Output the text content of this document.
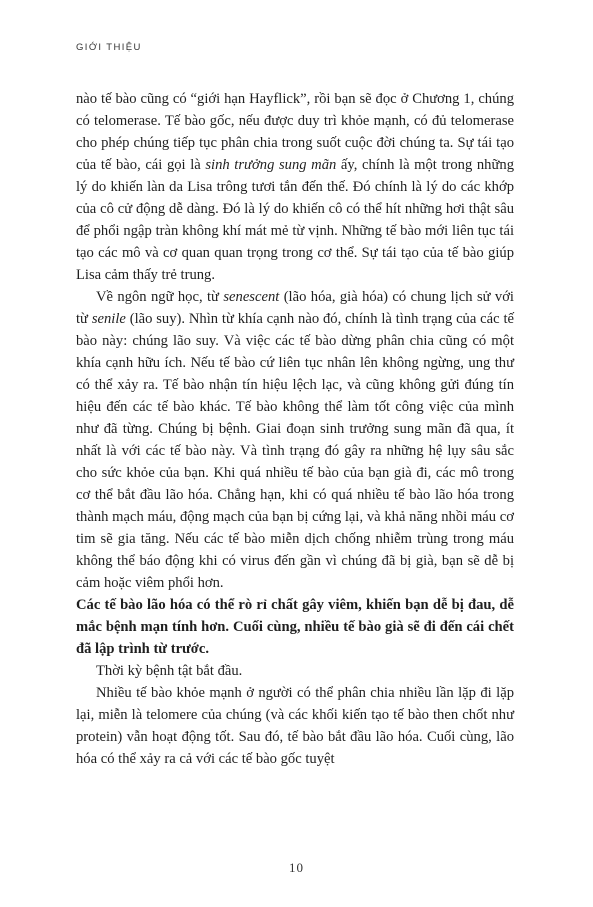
GIỚI THIỆU

nào tế bào cũng có “giới hạn Hayflick”, rồi bạn sẽ đọc ở Chương 1, chúng có telomerase. Tế bào gốc, nếu được duy trì khỏe mạnh, có đủ telomerase cho phép chúng tiếp tục phân chia trong suốt cuộc đời chúng ta. Sự tái tạo của tế bào, cái gọi là sinh trưởng sung mãn ấy, chính là một trong những lý do khiến làn da Lisa trông tươi tắn đến thế. Đó chính là lý do các khớp của cô cử động dễ dàng. Đó là lý do khiến cô có thể hít những hơi thật sâu để phổi ngập tràn không khí mát mẻ từ vịnh. Những tế bào mới liên tục tái tạo các mô và cơ quan quan trọng trong cơ thể. Sự tái tạo của tế bào giúp Lisa cảm thấy trẻ trung.

Về ngôn ngữ học, từ senescent (lão hóa, già hóa) có chung lịch sử với từ senile (lão suy). Nhìn từ khía cạnh nào đó, chính là tình trạng của các tế bào này: chúng lão suy. Và việc các tế bào dừng phân chia cũng có một khía cạnh hữu ích. Nếu tế bào cứ liên tục nhân lên không ngừng, ung thư có thể xảy ra. Tế bào nhận tín hiệu lệch lạc, và cũng không gửi đúng tín hiệu đến các tế bào khác. Tế bào không thể làm tốt công việc của mình như đã từng. Chúng bị bệnh. Giai đoạn sinh trưởng sung mãn đã qua, ít nhất là với các tế bào này. Và tình trạng đó gây ra những hệ lụy sâu sắc cho sức khỏe của bạn. Khi quá nhiều tế bào của bạn già đi, các mô trong cơ thể bắt đầu lão hóa. Chẳng hạn, khi có quá nhiều tế bào lão hóa trong thành mạch máu, động mạch của bạn bị cứng lại, và khả năng nhồi máu cơ tim sẽ gia tăng. Nếu các tế bào miễn dịch chống nhiễm trùng trong máu không thể báo động khi có virus đến gần vì chúng đã bị già, bạn sẽ dễ bị cảm hoặc viêm phổi hơn.

Các tế bào lão hóa có thể rò rỉ chất gây viêm, khiến bạn dễ bị đau, dễ mắc bệnh mạn tính hơn. Cuối cùng, nhiều tế bào già sẽ đi đến cái chết đã lập trình từ trước.

Thời kỳ bệnh tật bắt đầu.

Nhiều tế bào khỏe mạnh ở người có thể phân chia nhiều lần lặp đi lặp lại, miễn là telomere của chúng (và các khối kiến tạo tế bào then chốt như protein) vẫn hoạt động tốt. Sau đó, tế bào bắt đầu lão hóa. Cuối cùng, lão hóa có thể xảy ra cả với các tế bào gốc tuyệt

10
